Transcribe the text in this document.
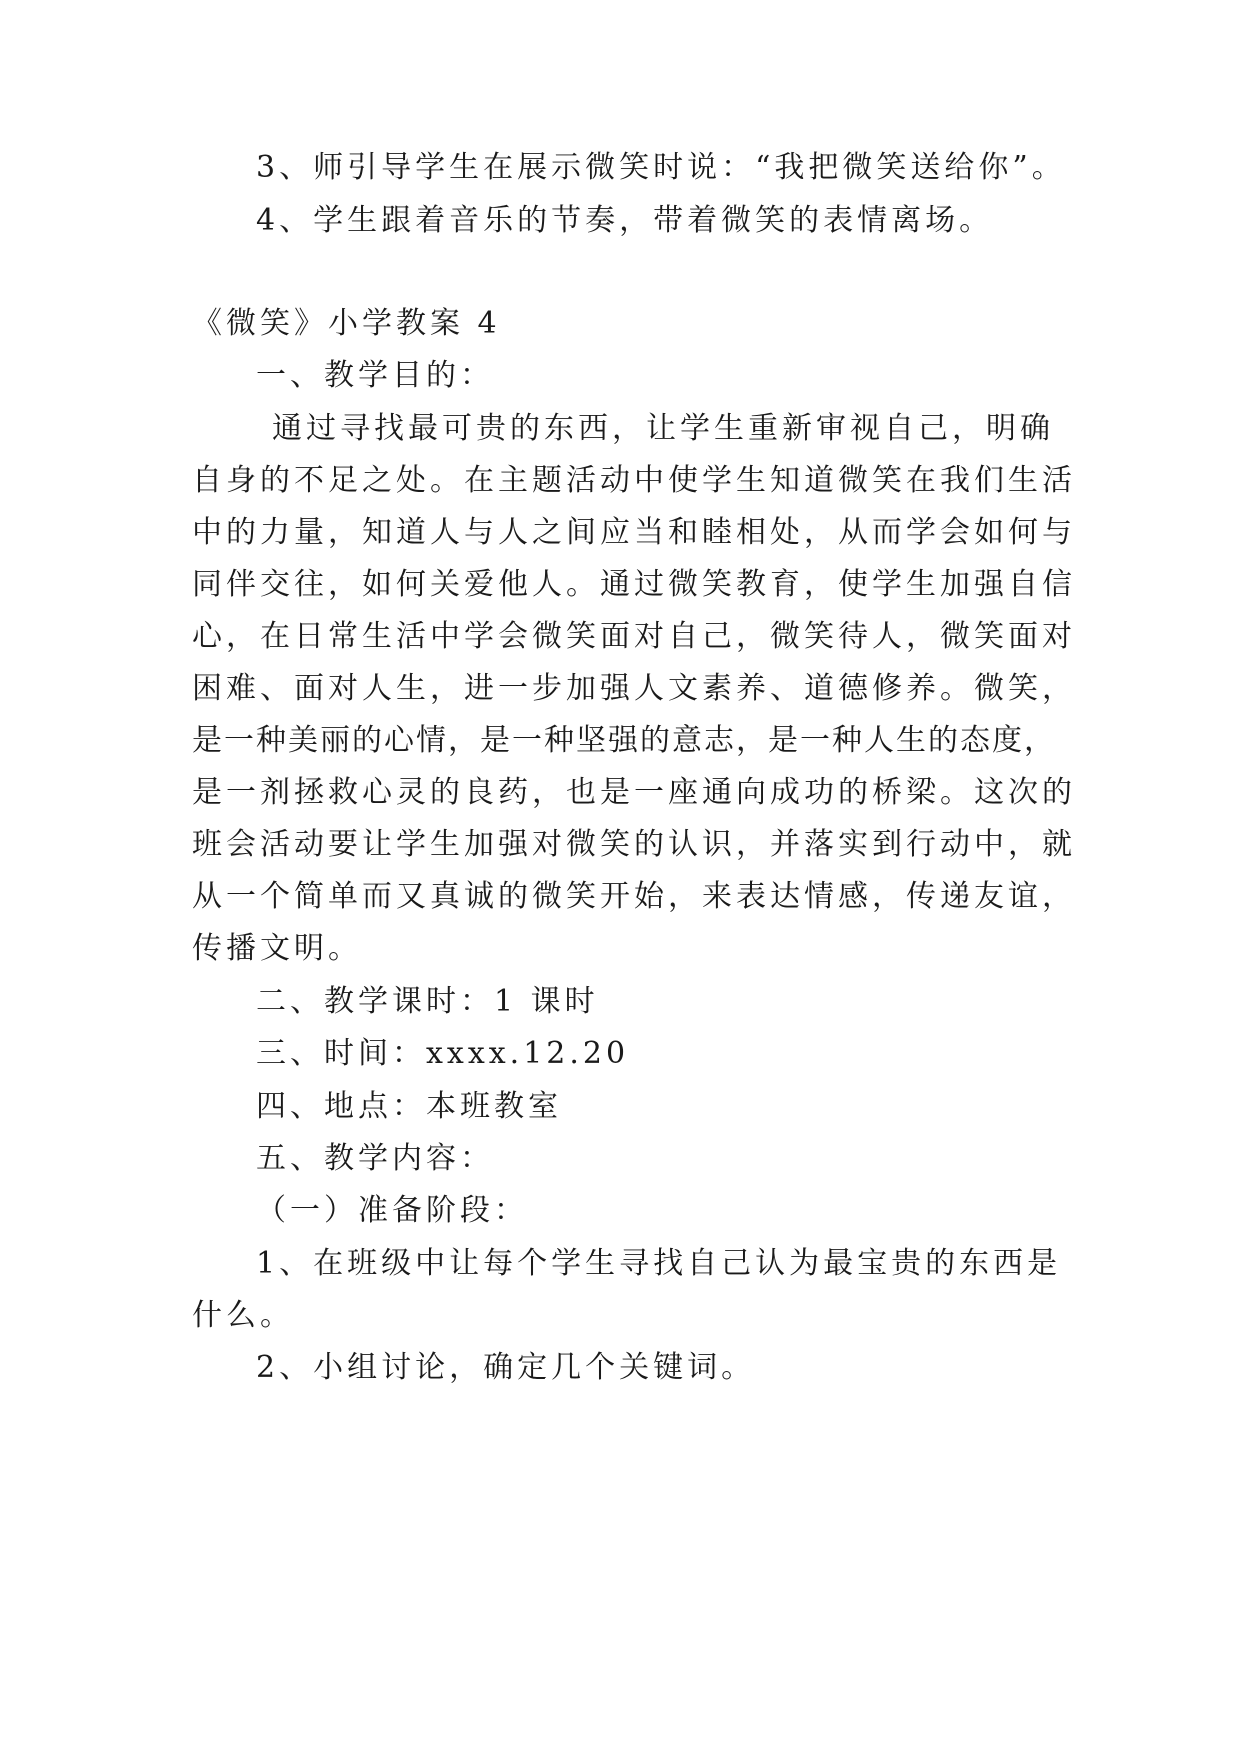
3、师引导学生在展示微笑时说：“我把微笑送给你”。
4、学生跟着音乐的节奏，带着微笑的表情离场。
《微笑》小学教案 4
一、教学目的：
通过寻找最可贵的东西，让学生重新审视自己，明确
自身的不足之处。在主题活动中使学生知道微笑在我们生活
中的力量，知道人与人之间应当和睦相处，从而学会如何与
同伴交往，如何关爱他人。通过微笑教育，使学生加强自信
心，在日常生活中学会微笑面对自己，微笑待人，微笑面对
困难、面对人生，进一步加强人文素养、道德修养。微笑，
是一种美丽的心情，是一种坚强的意志，是一种人生的态度，
是一剂拯救心灵的良药，也是一座通向成功的桥梁。这次的
班会活动要让学生加强对微笑的认识，并落实到行动中，就
从一个简单而又真诚的微笑开始，来表达情感，传递友谊，
传播文明。
二、教学课时：1 课时
三、时间：xxxx.12.20
四、地点：本班教室
五、教学内容：
（一）准备阶段：
1、在班级中让每个学生寻找自己认为最宝贵的东西是
什么。
2、小组讨论，确定几个关键词。
